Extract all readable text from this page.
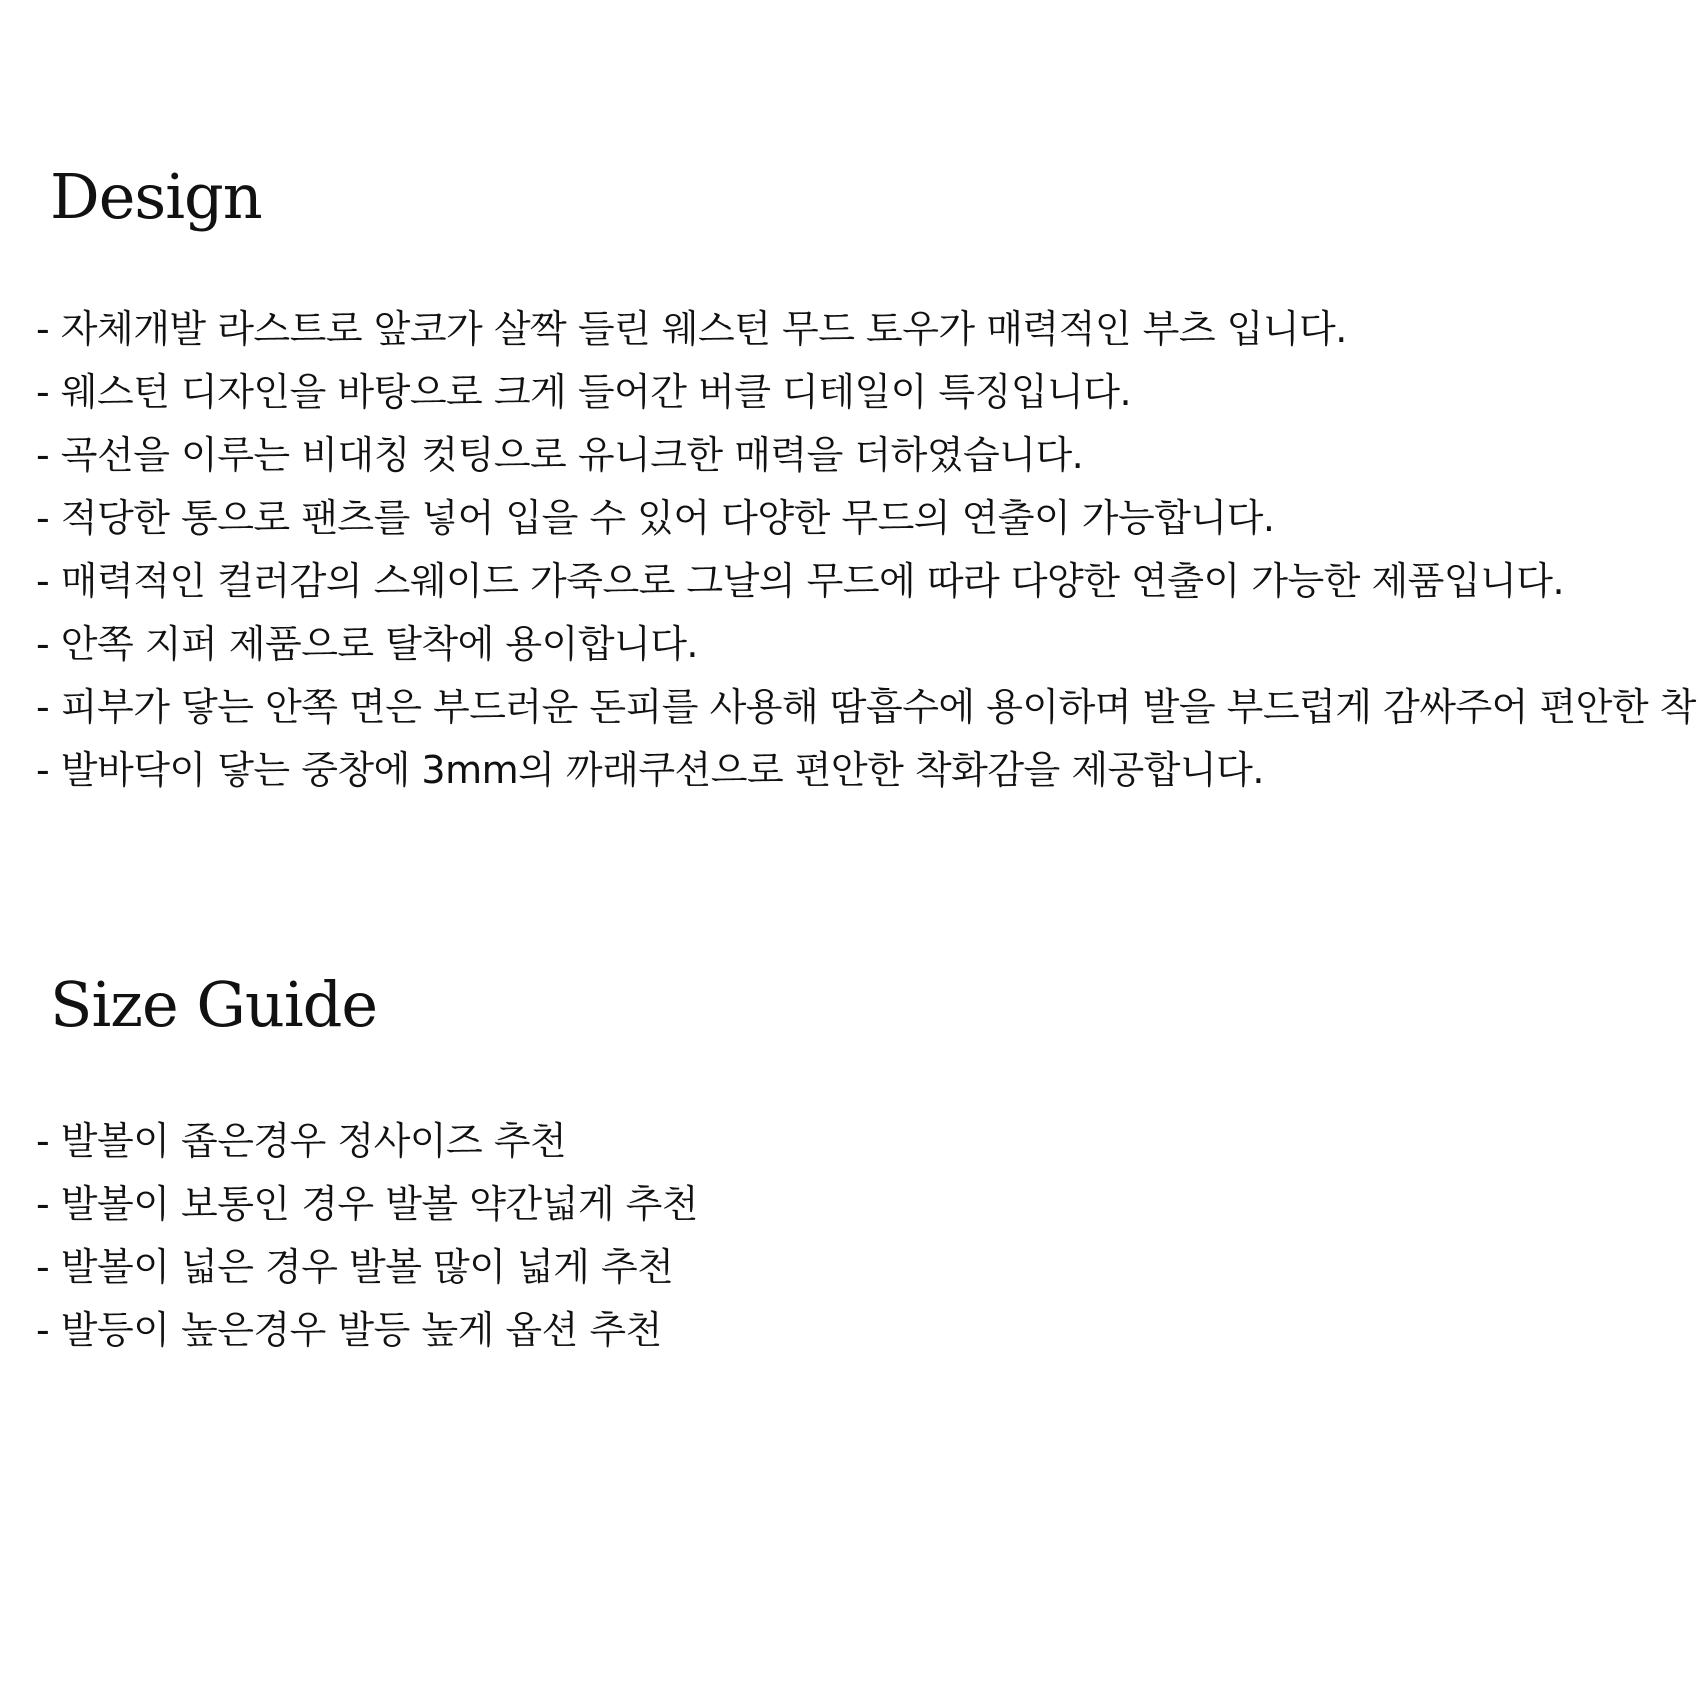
Design
- 자체개발 라스트로 앞코가 살짝 들린 웨스턴 무드 토우가 매력적인 부츠 입니다.
- 웨스턴 디자인을 바탕으로 크게 들어간 버클 디테일이 특징입니다.
- 곡선을 이루는 비대칭 컷팅으로 유니크한 매력을 더하였습니다.
- 적당한 통으로 팬츠를 넣어 입을 수 있어 다양한 무드의 연출이 가능합니다.
- 매력적인 컬러감의 스웨이드 가죽으로 그날의 무드에 따라 다양한 연출이 가능한 제품입니다.
- 안쪽 지퍼 제품으로 탈착에 용이합니다.
- 피부가 닿는 안쪽 면은 부드러운 돈피를 사용해 땀흡수에 용이하며 발을 부드럽게 감싸주어 편안한 착
- 발바닥이 닿는 중창에 3mm의 까래쿠션으로 편안한 착화감을 제공합니다.
Size Guide
- 발볼이 좁은경우 정사이즈 추천
- 발볼이 보통인 경우 발볼 약간넓게 추천
- 발볼이 넓은 경우 발볼 많이 넓게 추천
- 발등이 높은경우 발등 높게 옵션 추천
